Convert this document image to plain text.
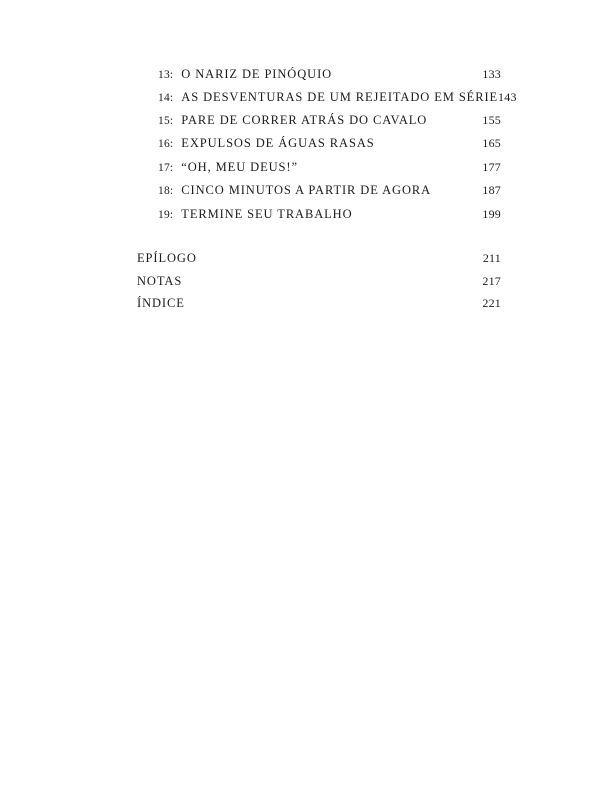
13: O NARIZ DE PINÓQUIO	133
14: AS DESVENTURAS DE UM REJEITADO EM SÉRIE 143
15: PARE DE CORRER ATRÁS DO CAVALO	155
16: EXPULSOS DE ÁGUAS RASAS	165
17: “OH, MEU DEUS!”	177
18: CINCO MINUTOS A PARTIR DE AGORA	187
19: TERMINE SEU TRABALHO	199
EPÍLOGO	211
NOTAS	217
ÍNDICE	221
